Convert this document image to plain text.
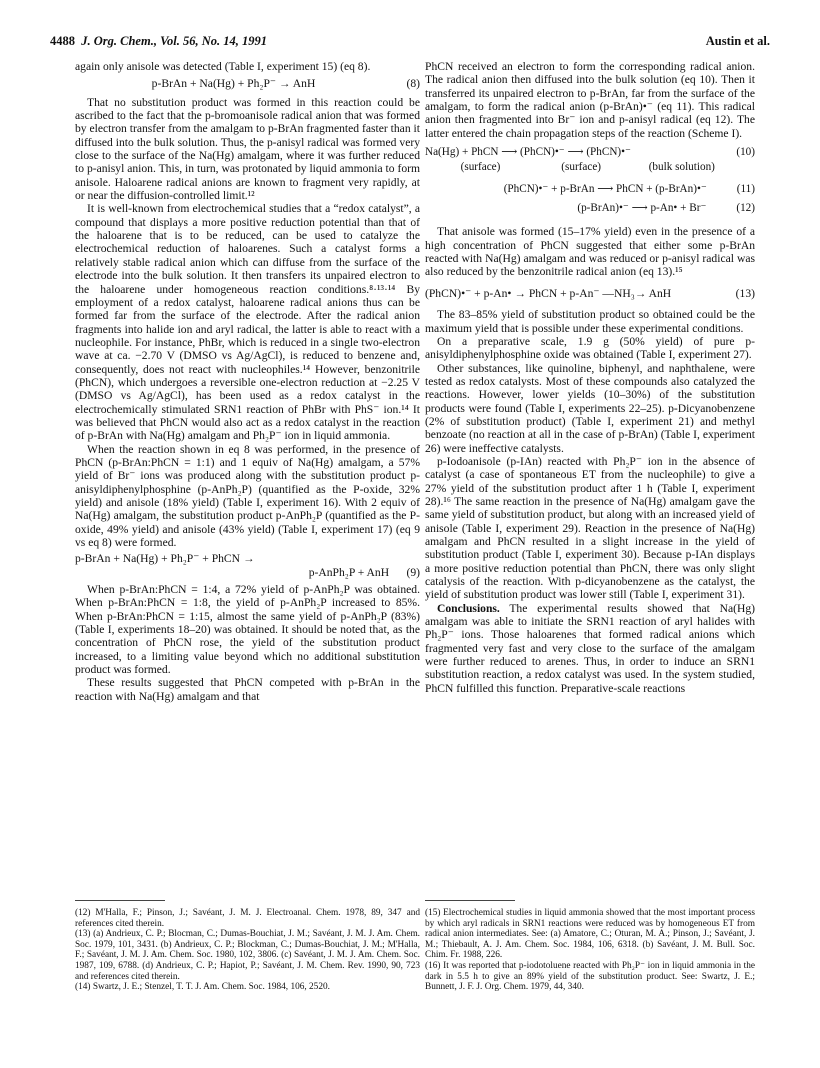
4488 J. Org. Chem., Vol. 56, No. 14, 1991	Austin et al.

again only anisole was detected (Table I, experiment 15) (eq 8).

p-BrAn + Na(Hg) + Ph₂P⁻ → AnH	(8)

That no substitution product was formed in this reaction could be ascribed to the fact that the p-bromoanisole radical anion that was formed by electron transfer from the amalgam to p-BrAn fragmented faster than it diffused into the bulk solution. Thus, the p-anisyl radical was formed very close to the surface of the Na(Hg) amalgam, where it was further reduced to p-anisyl anion. This, in turn, was protonated by liquid ammonia to form anisole. Haloarene radical anions are known to fragment very rapidly, at or near the diffusion-controlled limit.¹²

It is well-known from electrochemical studies that a “redox catalyst”, a compound that displays a more positive reduction potential than that of the haloarene that is to be reduced, can be used to catalyze the electrochemical reduction of haloarenes. Such a catalyst forms a relatively stable radical anion which can diffuse from the surface of the electrode into the bulk solution. It then transfers its unpaired electron to the haloarene under homogeneous reaction conditions.⁸·¹³·¹⁴ By employment of a redox catalyst, haloarene radical anions thus can be formed far from the surface of the electrode. After the radical anion fragments into halide ion and aryl radical, the latter is able to react with a nucleophile. For instance, PhBr, which is reduced in a single two-electron wave at ca. −2.70 V (DMSO vs Ag/AgCl), is reduced to benzene and, consequently, does not react with nucleophiles.¹⁴ However, benzonitrile (PhCN), which undergoes a reversible one-electron reduction at −2.25 V (DMSO vs Ag/AgCl), has been used as a redox catalyst in the electrochemically stimulated SRN1 reaction of PhBr with PhS⁻ ion.¹⁴ It was believed that PhCN would also act as a redox catalyst in the reaction of p-BrAn with Na(Hg) amalgam and Ph₂P⁻ ion in liquid ammonia.

When the reaction shown in eq 8 was performed, in the presence of PhCN (p-BrAn:PhCN = 1:1) and 1 equiv of Na(Hg) amalgam, a 57% yield of Br⁻ ions was produced along with the substitution product p-anisyldiphenylphosphine (p-AnPh₂P) (quantified as the P-oxide, 32% yield) and anisole (18% yield) (Table I, experiment 16). With 2 equiv of Na(Hg) amalgam, the substitution product p-AnPh₂P (quantified as the P-oxide, 49% yield) and anisole (43% yield) (Table I, experiment 17) (eq 9 vs eq 8) were formed.

p-BrAn + Na(Hg) + Ph₂P⁻ + PhCN →
p-AnPh₂P + AnH
	(9)

When p-BrAn:PhCN = 1:4, a 72% yield of p-AnPh₂P was obtained. When p-BrAn:PhCN = 1:8, the yield of p-AnPh₂P increased to 85%. When p-BrAn:PhCN = 1:15, almost the same yield of p-AnPh₂P (83%) (Table I, experiments 18–20) was obtained. It should be noted that, as the concentration of PhCN rose, the yield of the substitution product increased, to a limiting value beyond which no additional substitution product was formed.

These results suggested that PhCN competed with p-BrAn in the reaction with Na(Hg) amalgam and that

PhCN received an electron to form the corresponding radical anion. The radical anion then diffused into the bulk solution (eq 10). Then it transferred its unpaired electron to p-BrAn, far from the surface of the amalgam, to form the radical anion (p-BrAn)•⁻ (eq 11). This radical anion then fragmented into Br⁻ ion and p-anisyl radical (eq 12). The latter entered the chain propagation steps of the reaction (Scheme I).

Na(Hg) + PhCN ⟶ (PhCN)•⁻ ⟶ (PhCN)•⁻	(10)
(surface)	(surface)	(bulk solution)
(PhCN)•⁻ + p-BrAn ⟶ PhCN + (p-BrAn)•⁻	(11)
(p-BrAn)•⁻ ⟶ p-An• + Br⁻	(12)

That anisole was formed (15–17% yield) even in the presence of a high concentration of PhCN suggested that either some p-BrAn reacted with Na(Hg) amalgam and was reduced or p-anisyl radical was also reduced by the benzonitrile radical anion (eq 13).¹⁵

(PhCN)•⁻ + p-An• → PhCN + p-An⁻ —NH₃→ AnH	(13)

The 83–85% yield of substitution product so obtained could be the maximum yield that is possible under these experimental conditions.

On a preparative scale, 1.9 g (50% yield) of pure p-anisyldiphenylphosphine oxide was obtained (Table I, experiment 27).

Other substances, like quinoline, biphenyl, and naphthalene, were tested as redox catalysts. Most of these compounds also catalyzed the reactions. However, lower yields (10–30%) of the substitution products were found (Table I, experiments 22–25). p-Dicyanobenzene (2% of substitution product) (Table I, experiment 21) and methyl benzoate (no reaction at all in the case of p-BrAn) (Table I, experiment 26) were ineffective catalysts.

p-Iodoanisole (p-IAn) reacted with Ph₂P⁻ ion in the absence of catalyst (a case of spontaneous ET from the nucleophile) to give a 27% yield of the substitution product after 1 h (Table I, experiment 28).¹⁶ The same reaction in the presence of Na(Hg) amalgam gave the same yield of substitution product, but along with an increased yield of anisole (Table I, experiment 29). Reaction in the presence of Na(Hg) amalgam and PhCN resulted in a slight increase in the yield of substitution product (Table I, experiment 30). Because p-IAn displays a more positive reduction potential than PhCN, there was only slight catalysis of the reaction. With p-dicyanobenzene as the catalyst, the yield of substitution product was lower still (Table I, experiment 31).

Conclusions. The experimental results showed that Na(Hg) amalgam was able to initiate the SRN1 reaction of aryl halides with Ph₂P⁻ ions. Those haloarenes that formed radical anions which fragmented very fast and very close to the surface of the amalgam were further reduced to arenes. Thus, in order to induce an SRN1 substitution reaction, a redox catalyst was used. In the system studied, PhCN fulfilled this function. Preparative-scale reactions

(12) M'Halla, F.; Pinson, J.; Savéant, J. M. J. Electroanal. Chem. 1978, 89, 347 and references cited therein.

(13) (a) Andrieux, C. P.; Blocman, C.; Dumas-Bouchiat, J. M.; Savéant, J. M. J. Am. Chem. Soc. 1979, 101, 3431. (b) Andrieux, C. P.; Blockman, C.; Dumas-Bouchiat, J. M.; M'Halla, F.; Savéant, J. M. J. Am. Chem. Soc. 1980, 102, 3806. (c) Savéant, J. M. J. Am. Chem. Soc. 1987, 109, 6788. (d) Andrieux, C. P.; Hapiot, P.; Savéant, J. M. Chem. Rev. 1990, 90, 723 and references cited therein.

(14) Swartz, J. E.; Stenzel, T. T. J. Am. Chem. Soc. 1984, 106, 2520.

(15) Electrochemical studies in liquid ammonia showed that the most important process by which aryl radicals in SRN1 reactions were reduced was by homogeneous ET from radical anion intermediates. See: (a) Amatore, C.; Oturan, M. A.; Pinson, J.; Savéant, J. M.; Thiebault, A. J. Am. Chem. Soc. 1984, 106, 6318. (b) Savéant, J. M. Bull. Soc. Chim. Fr. 1988, 226.

(16) It was reported that p-iodotoluene reacted with Ph₂P⁻ ion in liquid ammonia in the dark in 5.5 h to give an 89% yield of the substitution product. See: Swartz, J. E.; Bunnett, J. F. J. Org. Chem. 1979, 44, 340.
